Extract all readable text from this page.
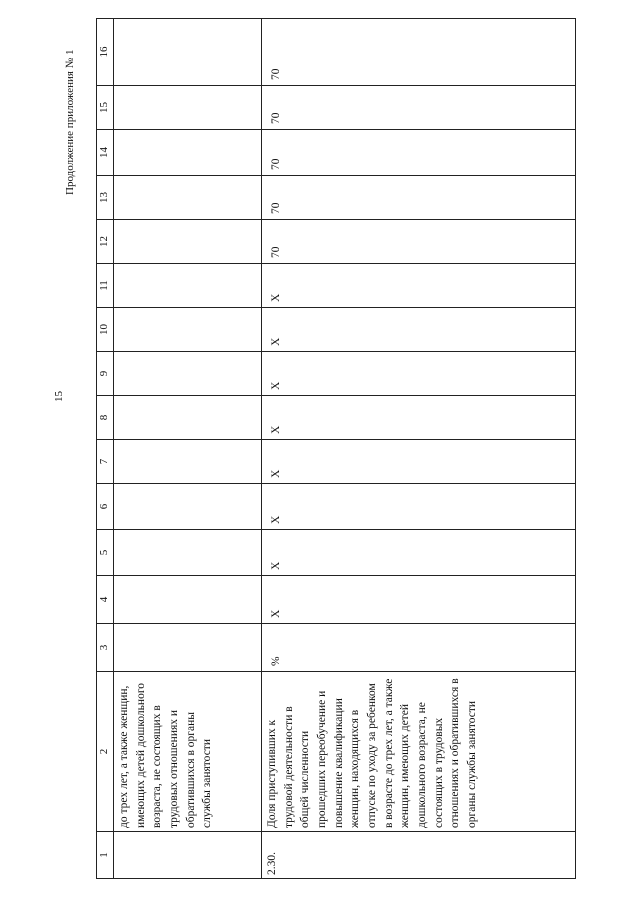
15
Продолжение приложения № 1
1	2	3	4	5	6	7	8	9	10	11	12	13	14	15	16
	до трех лет, а также женщин, имеющих детей дошкольного возраста, не состоящих в трудовых отношениях и обратившихся в органы службы занятости														
2.30.	Доля приступивших к трудовой деятельности в общей численности прошедших переобучение и повышение квалификации женщин, находящихся в отпуске по уходу за ребенком в возрасте до трех лет, а также женщин, имеющих детей дошкольного возраста, не состоящих в трудовых отношениях и обратившихся в органы службы занятости	%	X	X	X	X	X	X	X	X	70	70	70	70	70
